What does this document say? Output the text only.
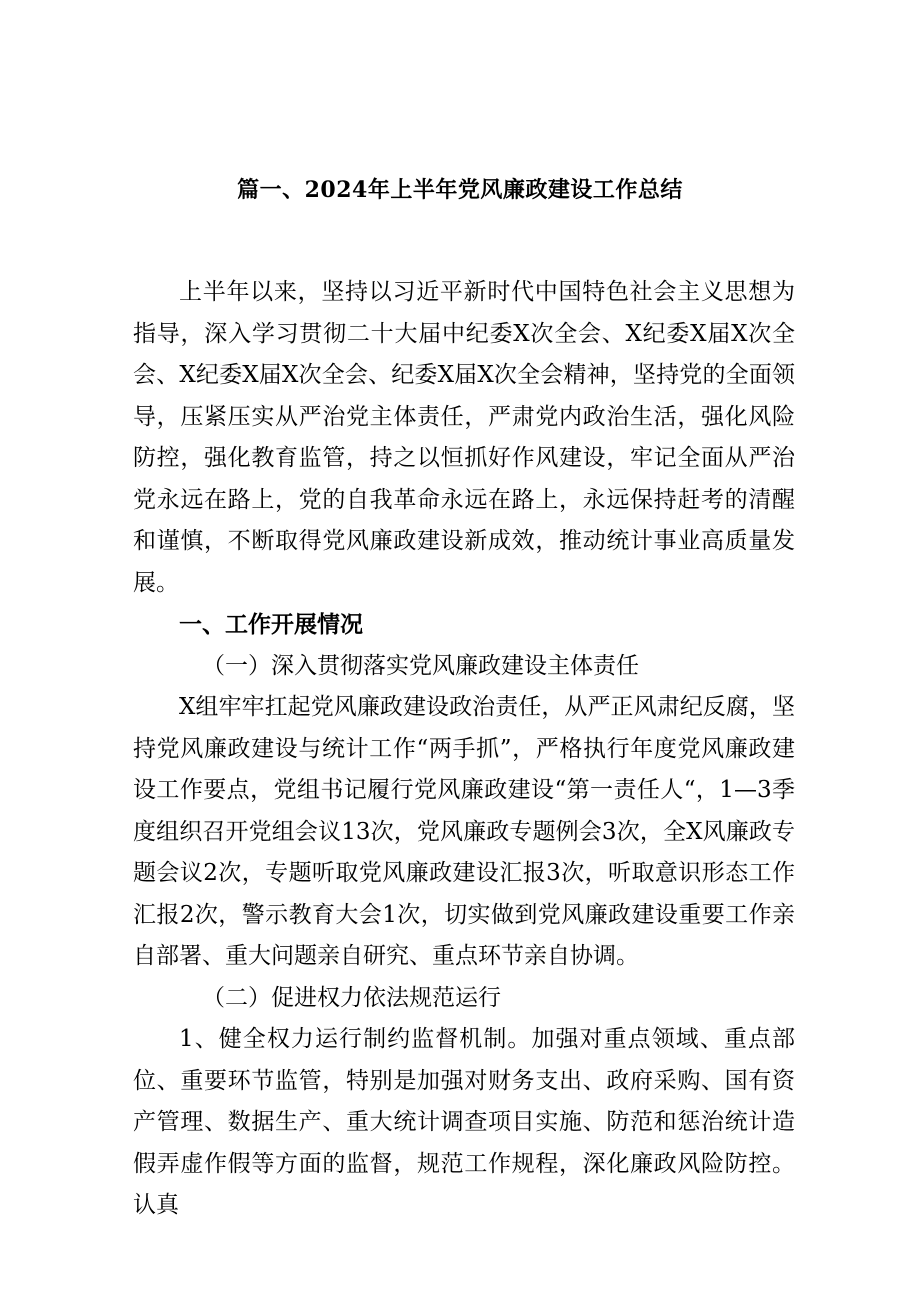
篇一、2024年上半年党风廉政建设工作总结

上半年以来，坚持以习近平新时代中国特色社会主义思想为指导，深入学习贯彻二十大届中纪委X次全会、X纪委X届X次全会、X纪委X届X次全会、纪委X届X次全会精神，坚持党的全面领导，压紧压实从严治党主体责任，严肃党内政治生活，强化风险防控，强化教育监管，持之以恒抓好作风建设，牢记全面从严治党永远在路上，党的自我革命永远在路上，永远保持赶考的清醒和谨慎，不断取得党风廉政建设新成效，推动统计事业高质量发展。

一、工作开展情况

（一）深入贯彻落实党风廉政建设主体责任

X组牢牢扛起党风廉政建设政治责任，从严正风肃纪反腐，坚持党风廉政建设与统计工作“两手抓”，严格执行年度党风廉政建设工作要点，党组书记履行党风廉政建设“第一责任人“，1—3季度组织召开党组会议13次，党风廉政专题例会3次，全X风廉政专题会议2次，专题听取党风廉政建设汇报3次，听取意识形态工作汇报2次，警示教育大会1次，切实做到党风廉政建设重要工作亲自部署、重大问题亲自研究、重点环节亲自协调。

（二）促进权力依法规范运行

1、健全权力运行制约监督机制。加强对重点领域、重点部位、重要环节监管，特别是加强对财务支出、政府采购、国有资产管理、数据生产、重大统计调查项目实施、防范和惩治统计造假弄虚作假等方面的监督，规范工作规程，深化廉政风险防控。认真
